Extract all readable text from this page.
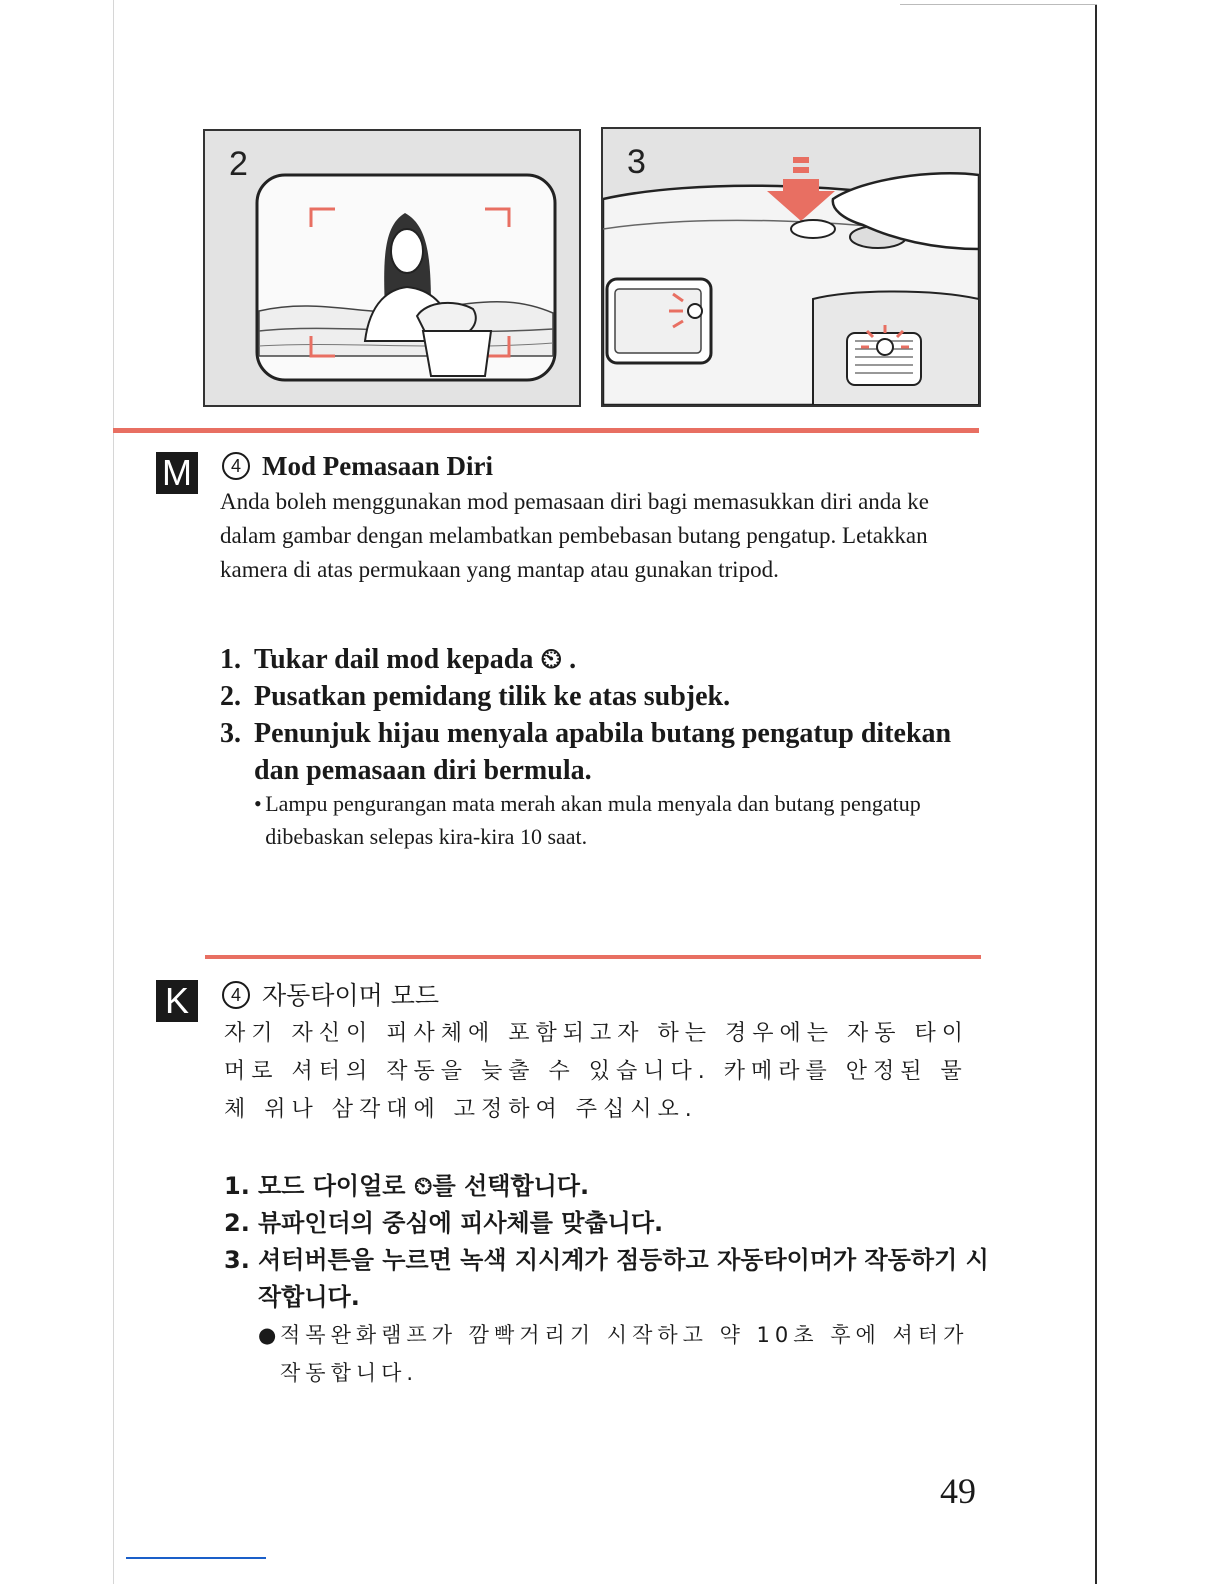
2	3
M	4 Mod Pemasaan Diri
Anda boleh menggunakan mod pemasaan diri bagi memasukkan diri anda ke dalam gambar dengan melambatkan pembebasan butang pengatup. Letakkan kamera di atas permukaan yang mantap atau gunakan tripod.
1. Tukar dail mod kepada ⏲ .
2. Pusatkan pemidang tilik ke atas subjek.
3. Penunjuk hijau menyala apabila butang pengatup ditekan dan pemasaan diri bermula.
• Lampu pengurangan mata merah akan mula menyala dan butang pengatup dibebaskan selepas kira-kira 10 saat.
K	4 자동타이머 모드
자기 자신이 피사체에 포함되고자 하는 경우에는 자동 타이머로 셔터의 작동을 늦출 수 있습니다. 카메라를 안정된 물체 위나 삼각대에 고정하여 주십시오.
1. 모드 다이얼로 ⏲를 선택합니다.
2. 뷰파인더의 중심에 피사체를 맞춥니다.
3. 셔터버튼을 누르면 녹색 지시계가 점등하고 자동타이머가 작동하기 시작합니다.
●
적목완화램프가 깜빡거리기 시작하고 약 10초 후에 셔터가 작동합니다.
49
